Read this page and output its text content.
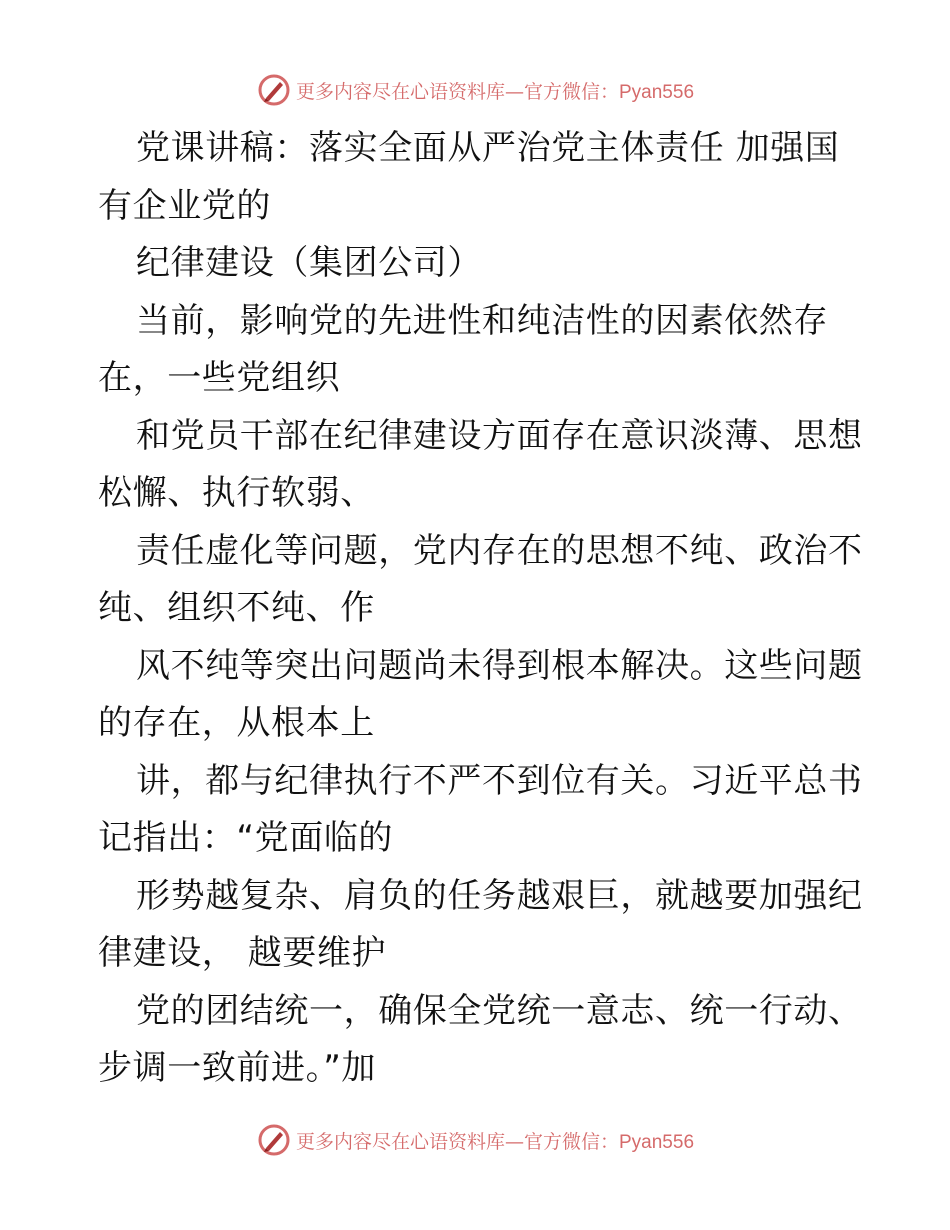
更多内容尽在心语资料库—官方微信：Pyan556
党课讲稿：落实全面从严治党主体责任 加强国
有企业党的
纪律建设（集团公司）
当前，影响党的先进性和纯洁性的因素依然存
在，一些党组织
和党员干部在纪律建设方面存在意识淡薄、思想
松懈、执行软弱、
责任虚化等问题，党内存在的思想不纯、政治不
纯、组织不纯、作
风不纯等突出问题尚未得到根本解决。这些问题
的存在，从根本上
讲，都与纪律执行不严不到位有关。习近平总书
记指出：“党面临的
形势越复杂、肩负的任务越艰巨，就越要加强纪
律建设， 越要维护
党的团结统一，确保全党统一意志、统一行动、
步调一致前进。”加
更多内容尽在心语资料库—官方微信：Pyan556
